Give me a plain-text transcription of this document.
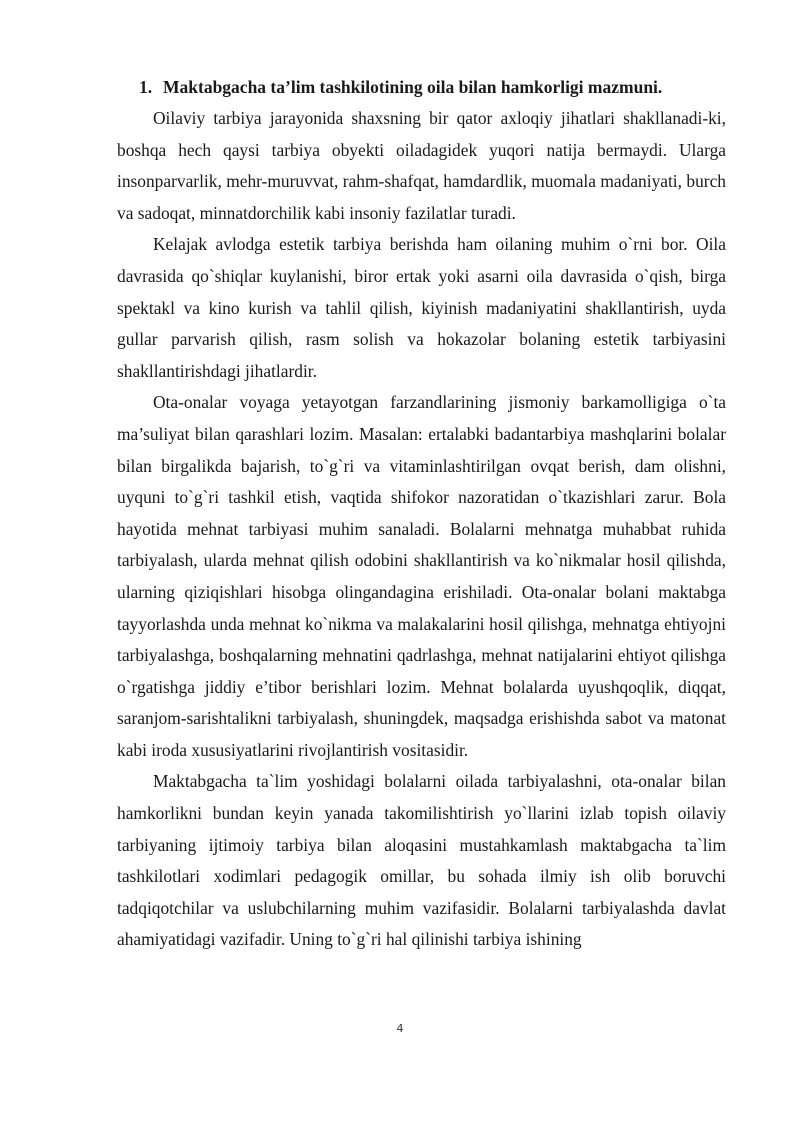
1. Maktabgacha ta’lim tashkilotining oila bilan hamkorligi mazmuni.

Oilaviy tarbiya jarayonida shaxsning bir qator axloqiy jihatlari shakllanadi-ki, boshqa hech qaysi tarbiya obyekti oiladagidek yuqori natija bermaydi. Ularga insonparvarlik, mehr-muruvvat, rahm-shafqat, hamdardlik, muomala madaniyati, burch va sadoqat, minnatdorchilik kabi insoniy fazilatlar turadi.

Kelajak avlodga estetik tarbiya berishda ham oilaning muhim o`rni bor. Oila davrasida qo`shiqlar kuylanishi, biror ertak yoki asarni oila davrasida o`qish, birga spektakl va kino kurish va tahlil qilish, kiyinish madaniyatini shakllantirish, uyda gullar parvarish qilish, rasm solish va hokazolar bolaning estetik tarbiyasini shakllantirishdagi jihatlardir.

Ota-onalar voyaga yetayotgan farzandlarining jismoniy barkamolligiga o`ta ma’suliyat bilan qarashlari lozim. Masalan: ertalabki badantarbiya mashqlarini bolalar bilan birgalikda bajarish, to`g`ri va vitaminlashtirilgan ovqat berish, dam olishni, uyquni to`g`ri tashkil etish, vaqtida shifokor nazoratidan o`tkazishlari zarur. Bola hayotida mehnat tarbiyasi muhim sanaladi. Bolalarni mehnatga muhabbat ruhida tarbiyalash, ularda mehnat qilish odobini shakllantirish va ko`nikmalar hosil qilishda, ularning qiziqishlari hisobga olingandagina erishiladi. Ota-onalar bolani maktabga tayyorlashda unda mehnat ko`nikma va malakalarini hosil qilishga, mehnatga ehtiyojni tarbiyalashga, boshqalarning mehnatini qadrlashga, mehnat natijalarini ehtiyot qilishga o`rgatishga jiddiy e’tibor berishlari lozim. Mehnat bolalarda uyushqoqlik, diqqat, saranjom-sarishtalikni tarbiyalash, shuningdek, maqsadga erishishda sabot va matonat kabi iroda xususiyatlarini rivojlantirish vositasidir.

Maktabgacha ta`lim yoshidagi bolalarni oilada tarbiyalashni, ota-onalar bilan hamkorlikni bundan keyin yanada takomilishtirish yo`llarini izlab topish oilaviy tarbiyaning ijtimoiy tarbiya bilan aloqasini mustahkamlash maktabgacha ta`lim tashkilotlari xodimlari pedagogik omillar, bu sohada ilmiy ish olib boruvchi tadqiqotchilar va uslubchilarning muhim vazifasidir. Bolalarni tarbiyalashda davlat ahamiyatidagi vazifadir. Uning to`g`ri hal qilinishi tarbiya ishining

4
